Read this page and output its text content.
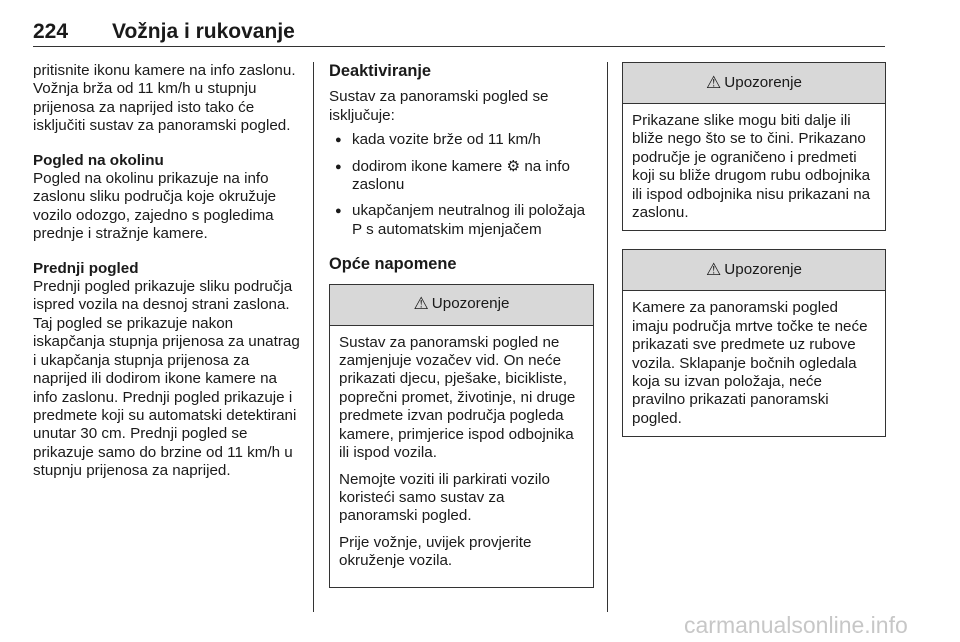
224 Vožnja i rukovanje

pritisnite ikonu kamere na info zaslonu. Vožnja brža od 11 km/h u stupnju prijenosa za naprijed isto tako će isključiti sustav za panoramski pogled.

Pogled na okolinu
Pogled na okolinu prikazuje na info zaslonu sliku područja koje okružuje vozilo odozgo, zajedno s pogledima prednje i stražnje kamere.

Prednji pogled
Prednji pogled prikazuje sliku područja ispred vozila na desnoj strani zaslona. Taj pogled se prikazuje nakon iskapčanja stupnja prijenosa za unatrag i ukapčanja stupnja prijenosa za naprijed ili dodirom ikone kamere na info zaslonu. Prednji pogled prikazuje i predmete koji su automatski detektirani unutar 30 cm. Prednji pogled se prikazuje samo do brzine od 11 km/h u stupnju prijenosa za naprijed.

Deaktiviranje
Sustav za panoramski pogled se isključuje:
● kada vozite brže od 11 km/h
● dodirom ikone kamere ⚙ na info zaslonu
● ukapčanjem neutralnog ili položaja P s automatskim mjenjačem
Opće napomene
⚠ Upozorenje

Sustav za panoramski pogled ne zamjenjuje vozačev vid. On neće prikazati djecu, pješake, bicikliste, poprečni promet, životinje, ni druge predmete izvan područja pogleda kamere, primjerice ispod odbojnika ili ispod vozila.

Nemojte voziti ili parkirati vozilo koristeći samo sustav za panoramski pogled.

Prije vožnje, uvijek provjerite okruženje vozila.

⚠ Upozorenje

Prikazane slike mogu biti dalje ili bliže nego što se to čini. Prikazano područje je ograničeno i predmeti koji su bliže drugom rubu odbojnika ili ispod odbojnika nisu prikazani na zaslonu.

⚠ Upozorenje

Kamere za panoramski pogled imaju područja mrtve točke te neće prikazati sve predmete uz rubove vozila. Sklapanje bočnih ogledala koja su izvan položaja, neće pravilno prikazati panoramski pogled.

carmanualsonline.info
